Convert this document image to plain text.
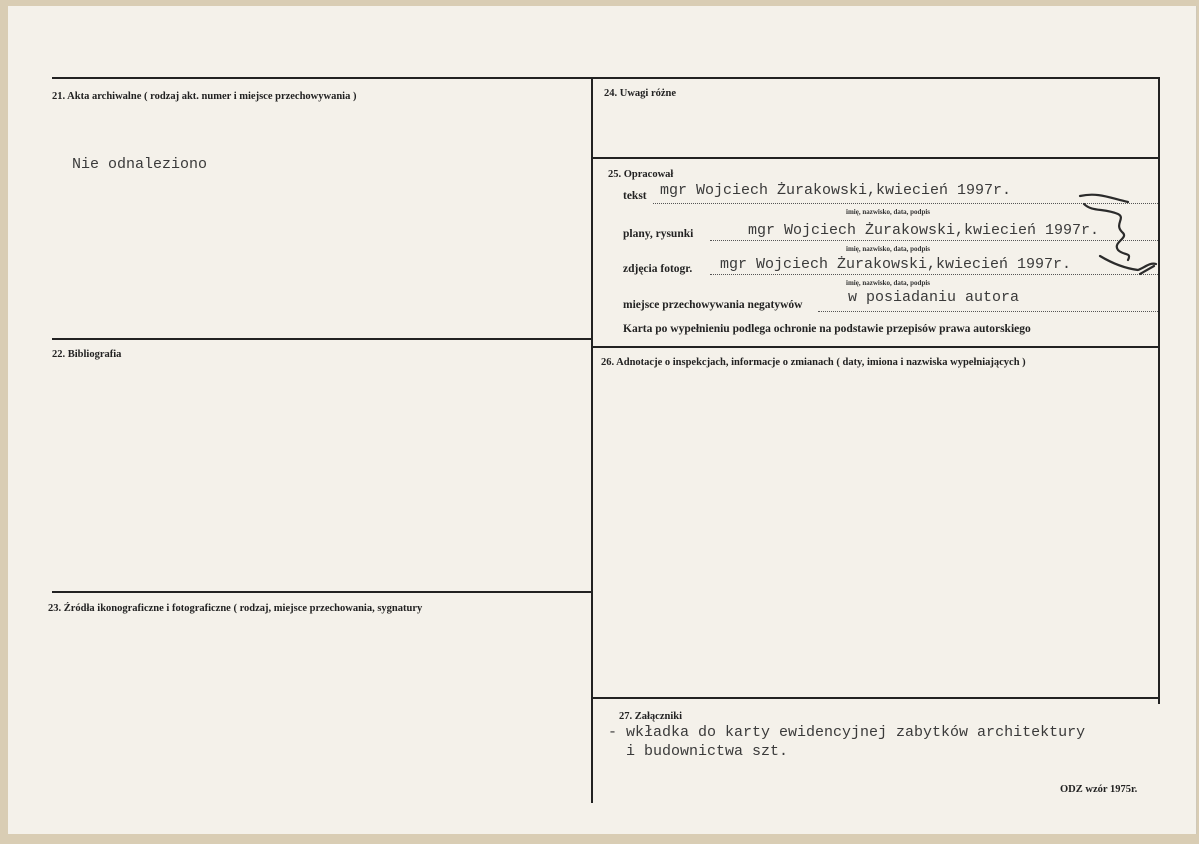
21. Akta archiwalne ( rodzaj akt. numer i miejsce przechowywania )
Nie odnaleziono
22. Bibliografia
23. Źródła ikonograficzne i fotograficzne ( rodzaj, miejsce przechowania, sygnatury
24. Uwagi różne
25. Opracował
tekst mgr Wojciech Żurakowski,kwiecień 1997r.
imię, nazwisko, data, podpis
plany, rysunki	mgr Wojciech Żurakowski,kwiecień 1997r.
imię, nazwisko, data, podpis
zdjęcia fotogr. mgr Wojciech Żurakowski,kwiecień 1997r.
imię, nazwisko, data, podpis
miejsce przechowywania negatywów	w posiadaniu autora
Karta po wypełnieniu podlega ochronie na podstawie przepisów prawa autorskiego
26. Adnotacje o inspekcjach, informacje o zmianach ( daty, imiona i nazwiska wypełniających )
27. Załączniki
- wkładka do karty ewidencyjnej zabytków architektury
i budownictwa szt.
ODZ wzór 1975r.
